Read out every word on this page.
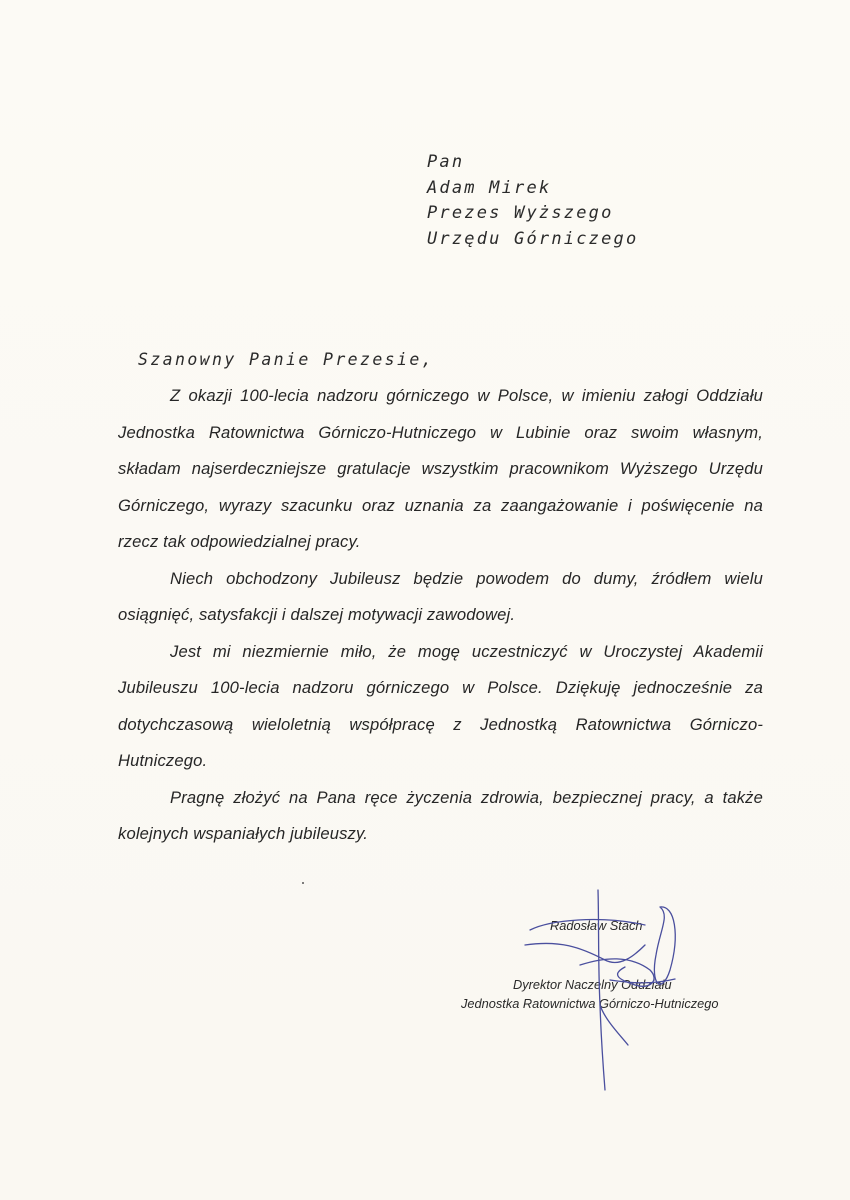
Pan
Adam Mirek
Prezes Wyższego
Urzędu Górniczego
Szanowny Panie Prezesie,

Z okazji 100-lecia nadzoru górniczego w Polsce, w imieniu załogi Oddziału Jednostka Ratownictwa Górniczo-Hutniczego w Lubinie oraz swoim własnym, składam najserdeczniejsze gratulacje wszystkim pracownikom Wyższego Urzędu Górniczego, wyrazy szacunku oraz uznania za zaangażowanie i poświęcenie na rzecz tak odpowiedzialnej pracy.

Niech obchodzony Jubileusz będzie powodem do dumy, źródłem wielu osiągnięć, satysfakcji i dalszej motywacji zawodowej.

Jest mi niezmiernie miło, że mogę uczestniczyć w Uroczystej Akademii Jubileuszu 100-lecia nadzoru górniczego w Polsce. Dziękuję jednocześnie za dotychczasową wieloletnią współpracę z Jednostką Ratownictwa Górniczo-Hutniczego.

Pragnę złożyć na Pana ręce życzenia zdrowia, bezpiecznej pracy, a także kolejnych wspaniałych jubileuszy.

Radosław Stach
Dyrektor Naczelny Oddziału
Jednostka Ratownictwa Górniczo-Hutniczego
